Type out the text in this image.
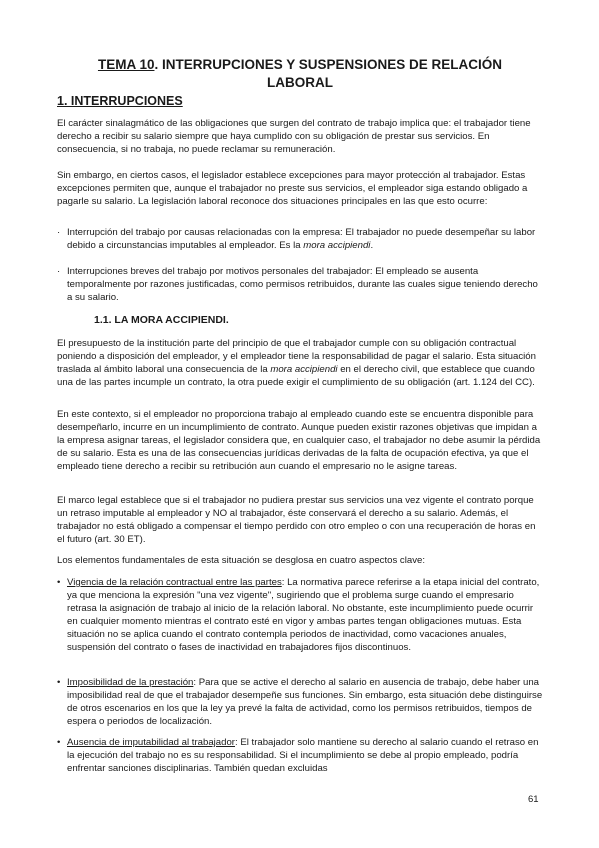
TEMA 10. INTERRUPCIONES Y SUSPENSIONES DE RELACIÓN LABORAL
1. INTERRUPCIONES

El carácter sinalagmático de las obligaciones que surgen del contrato de trabajo implica que: el trabajador tiene derecho a recibir su salario siempre que haya cumplido con su obligación de prestar sus servicios. En consecuencia, si no trabaja, no puede reclamar su remuneración.

Sin embargo, en ciertos casos, el legislador establece excepciones para mayor protección al trabajador. Estas excepciones permiten que, aunque el trabajador no preste sus servicios, el empleador siga estando obligado a pagarle su salario. La legislación laboral reconoce dos situaciones principales en las que esto ocurre:

· Interrupción del trabajo por causas relacionadas con la empresa: El trabajador no puede desempeñar su labor debido a circunstancias imputables al empleador. Es la mora accipiendi.
· Interrupciones breves del trabajo por motivos personales del trabajador: El empleado se ausenta temporalmente por razones justificadas, como permisos retribuidos, durante las cuales sigue teniendo derecho a su salario.
1.1. LA MORA ACCIPIENDI.

El presupuesto de la institución parte del principio de que el trabajador cumple con su obligación contractual poniendo a disposición del empleador, y el empleador tiene la responsabilidad de pagar el salario. Esta situación traslada al ámbito laboral una consecuencia de la mora accipiendi en el derecho civil, que establece que cuando una de las partes incumple un contrato, la otra puede exigir el cumplimiento de su obligación (art. 1.124 del CC).

En este contexto, si el empleador no proporciona trabajo al empleado cuando este se encuentra disponible para desempeñarlo, incurre en un incumplimiento de contrato. Aunque pueden existir razones objetivas que impidan a la empresa asignar tareas, el legislador considera que, en cualquier caso, el trabajador no debe asumir la pérdida de su salario. Esta es una de las consecuencias jurídicas derivadas de la falta de ocupación efectiva, ya que el empleado tiene derecho a recibir su retribución aun cuando el empresario no le asigne tareas.

El marco legal establece que si el trabajador no pudiera prestar sus servicios una vez vigente el contrato porque un retraso imputable al empleador y NO al trabajador, éste conservará el derecho a su salario. Además, el trabajador no está obligado a compensar el tiempo perdido con otro empleo o con una recuperación de horas en el futuro (art. 30 ET).

Los elementos fundamentales de esta situación se desglosa en cuatro aspectos clave:

• Vigencia de la relación contractual entre las partes: La normativa parece referirse a la etapa inicial del contrato, ya que menciona la expresión "una vez vigente", sugiriendo que el problema surge cuando el empresario retrasa la asignación de trabajo al inicio de la relación laboral. No obstante, este incumplimiento puede ocurrir en cualquier momento mientras el contrato esté en vigor y ambas partes tengan obligaciones mutuas. Esta situación no se aplica cuando el contrato contempla periodos de inactividad, como vacaciones anuales, suspensión del contrato o fases de inactividad en trabajadores fijos discontinuos.
• Imposibilidad de la prestación: Para que se active el derecho al salario en ausencia de trabajo, debe haber una imposibilidad real de que el trabajador desempeñe sus funciones. Sin embargo, esta situación debe distinguirse de otros escenarios en los que la ley ya prevé la falta de actividad, como los permisos retribuidos, tiempos de espera o periodos de localización.
• Ausencia de imputabilidad al trabajador: El trabajador solo mantiene su derecho al salario cuando el retraso en la ejecución del trabajo no es su responsabilidad. Si el incumplimiento se debe al propio empleado, podría enfrentar sanciones disciplinarias. También quedan excluidas
61
